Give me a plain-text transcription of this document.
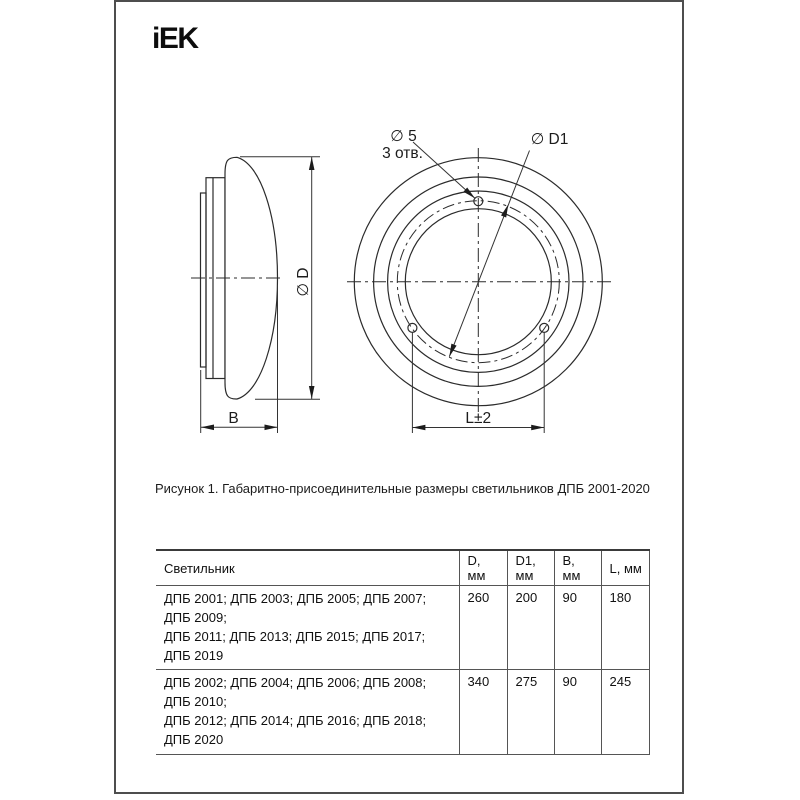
iEK
∅ D
B
∅ D1
∅ 5
3 отв.
L±2
Рисунок 1. Габаритно-присоединительные размеры светильников ДПБ 2001-2020
Светильник	D, мм	D1, мм	B, мм	L, мм

ДПБ 2001; ДПБ 2003; ДПБ 2005; ДПБ 2007; ДПБ 2009;
ДПБ 2011; ДПБ 2013; ДПБ 2015; ДПБ 2017; ДПБ 2019	260	200	90	180

ДПБ 2002; ДПБ 2004; ДПБ 2006; ДПБ 2008; ДПБ 2010;
ДПБ 2012; ДПБ 2014; ДПБ 2016; ДПБ 2018; ДПБ 2020	340	275	90	245
